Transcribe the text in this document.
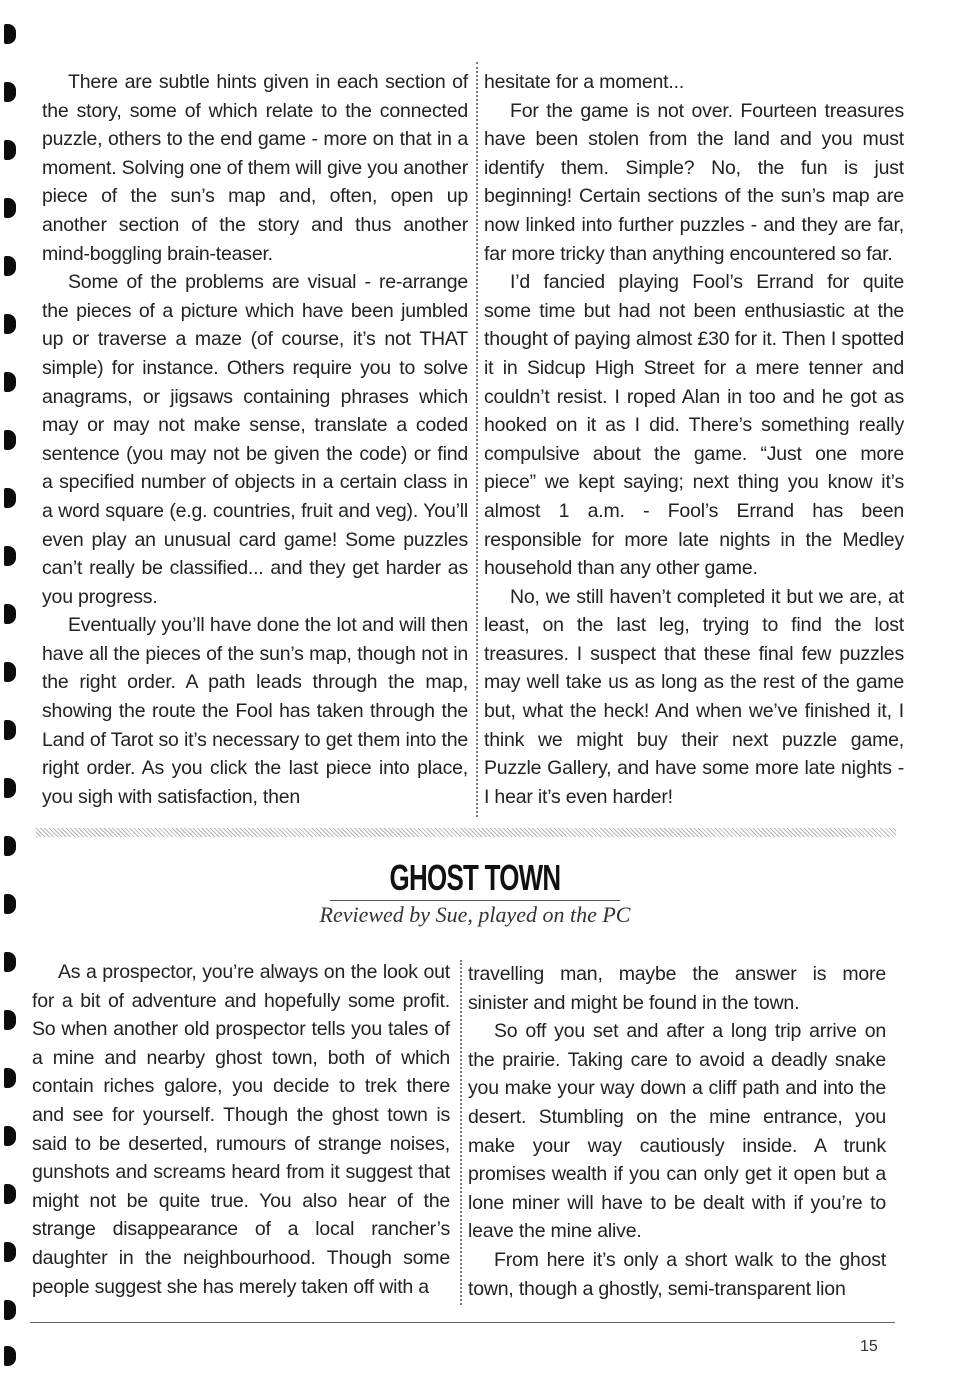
There are subtle hints given in each section of the story, some of which relate to the connected puzzle, others to the end game - more on that in a moment. Solving one of them will give you another piece of the sun’s map and, often, open up another section of the story and thus another mind-boggling brain-teaser.

Some of the problems are visual - re-arrange the pieces of a picture which have been jumbled up or traverse a maze (of course, it’s not THAT simple) for instance. Others require you to solve anagrams, or jigsaws containing phrases which may or may not make sense, translate a coded sentence (you may not be given the code) or find a specified number of objects in a certain class in a word square (e.g. countries, fruit and veg). You’ll even play an unusual card game! Some puzzles can’t really be classified... and they get harder as you progress.

Eventually you’ll have done the lot and will then have all the pieces of the sun’s map, though not in the right order. A path leads through the map, showing the route the Fool has taken through the Land of Tarot so it’s necessary to get them into the right order. As you click the last piece into place, you sigh with satisfaction, then

hesitate for a moment...

For the game is not over. Fourteen treasures have been stolen from the land and you must identify them. Simple? No, the fun is just beginning! Certain sections of the sun’s map are now linked into further puzzles - and they are far, far more tricky than anything encountered so far.

I’d fancied playing Fool’s Errand for quite some time but had not been enthusiastic at the thought of paying almost £30 for it. Then I spotted it in Sidcup High Street for a mere tenner and couldn’t resist. I roped Alan in too and he got as hooked on it as I did. There’s something really compulsive about the game. “Just one more piece” we kept saying; next thing you know it’s almost 1 a.m. - Fool’s Errand has been responsible for more late nights in the Medley household than any other game.

No, we still haven’t completed it but we are, at least, on the last leg, trying to find the lost treasures. I suspect that these final few puzzles may well take us as long as the rest of the game but, what the heck! And when we’ve finished it, I think we might buy their next puzzle game, Puzzle Gallery, and have some more late nights - I hear it’s even harder!

GHOST TOWN
Reviewed by Sue, played on the PC

As a prospector, you’re always on the look out for a bit of adventure and hopefully some profit. So when another old prospector tells you tales of a mine and nearby ghost town, both of which contain riches galore, you decide to trek there and see for yourself. Though the ghost town is said to be deserted, rumours of strange noises, gunshots and screams heard from it suggest that might not be quite true. You also hear of the strange disappearance of a local rancher’s daughter in the neighbourhood. Though some people suggest she has merely taken off with a

travelling man, maybe the answer is more sinister and might be found in the town.

So off you set and after a long trip arrive on the prairie. Taking care to avoid a deadly snake you make your way down a cliff path and into the desert. Stumbling on the mine entrance, you make your way cautiously inside. A trunk promises wealth if you can only get it open but a lone miner will have to be dealt with if you’re to leave the mine alive.

From here it’s only a short walk to the ghost town, though a ghostly, semi-transparent lion

15
